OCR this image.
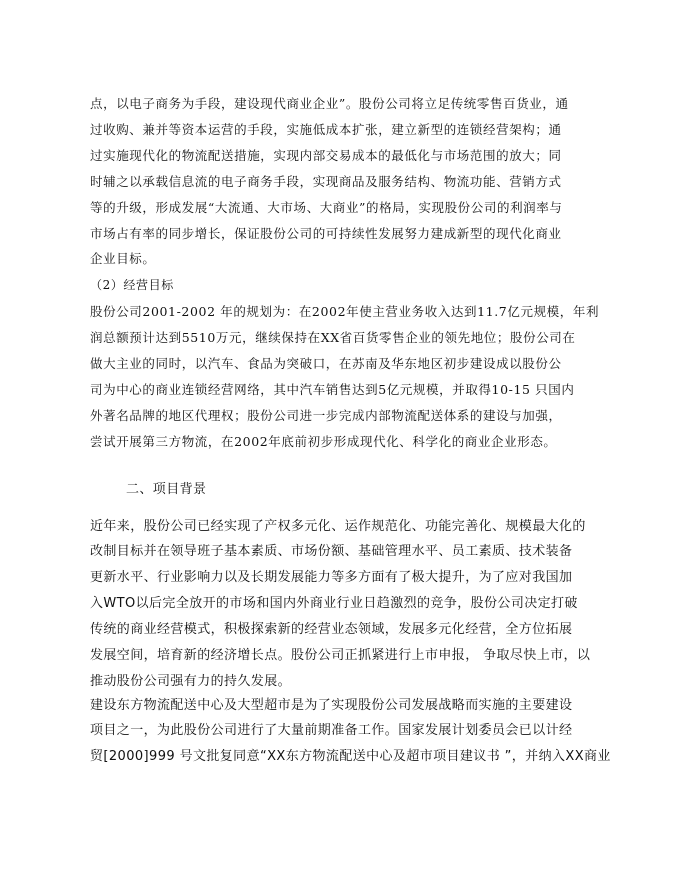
点，以电子商务为手段，建设现代商业企业”。股份公司将立足传统零售百货业，通
过收购、兼并等资本运营的手段，实施低成本扩张，建立新型的连锁经营架构；通
过实施现代化的物流配送措施，实现内部交易成本的最低化与市场范围的放大；同
时辅之以承载信息流的电子商务手段，实现商品及服务结构、物流功能、营销方式
等的升级，形成发展“大流通、大市场、大商业”的格局，实现股份公司的利润率与
市场占有率的同步增长，保证股份公司的可持续性发展努力建成新型的现代化商业
企业目标。
（2）经营目标
股份公司2001-2002 年的规划为：在2002年使主营业务收入达到11.7亿元规模，年利
润总额预计达到5510万元，继续保持在XX省百货零售企业的领先地位；股份公司在
做大主业的同时，以汽车、食品为突破口，在苏南及华东地区初步建设成以股份公
司为中心的商业连锁经营网络，其中汽车销售达到5亿元规模，并取得10-15 只国内
外著名品牌的地区代理权；股份公司进一步完成内部物流配送体系的建设与加强，
尝试开展第三方物流，在2002年底前初步形成现代化、科学化的商业企业形态。
二、项目背景
近年来，股份公司已经实现了产权多元化、运作规范化、功能完善化、规模最大化的
改制目标并在领导班子基本素质、市场份额、基础管理水平、员工素质、技术装备
更新水平、行业影响力以及长期发展能力等多方面有了极大提升，为了应对我国加
入WTO以后完全放开的市场和国内外商业行业日趋激烈的竞争，股份公司决定打破
传统的商业经营模式，积极探索新的经营业态领域，发展多元化经营，全方位拓展
发展空间，培育新的经济增长点。股份公司正抓紧进行上市申报， 争取尽快上市，以
推动股份公司强有力的持久发展。
建设东方物流配送中心及大型超市是为了实现股份公司发展战略而实施的主要建设
项目之一，为此股份公司进行了大量前期准备工作。国家发展计划委员会已以计经
贸[2000]999 号文批复同意“XX东方物流配送中心及超市项目建议书 ”，并纳入XX商业
